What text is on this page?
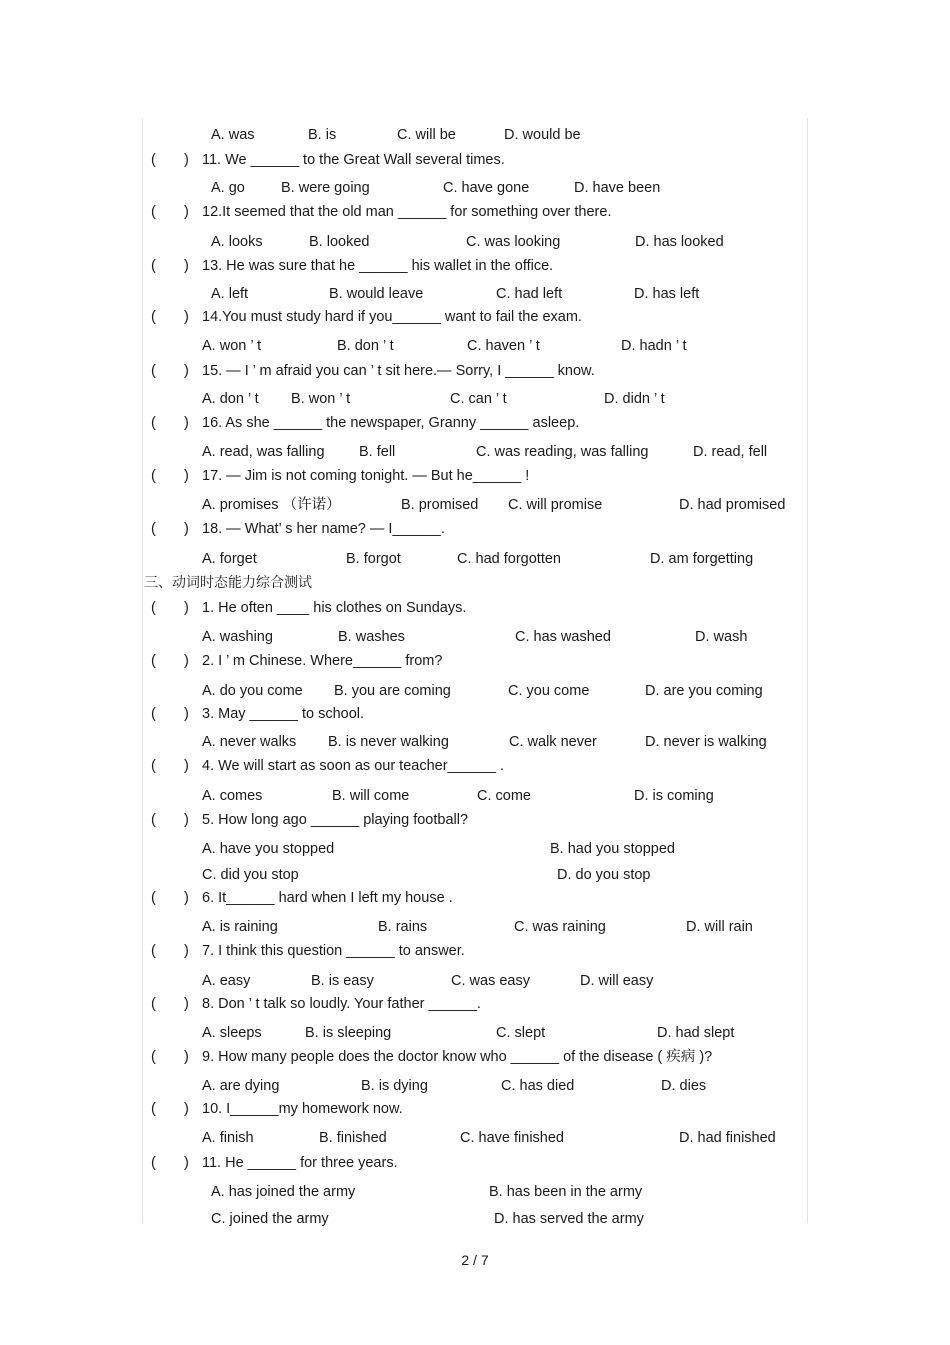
A. was	B. is	C. will be	D. would be
( ) 11. We ______ to the Great Wall several times.
A. go B. were going	C. have gone	D. have been
( ) 12.It seemed that the old man ______ for something over there.
A. looks	B. looked	C. was looking	D. has looked
( ) 13. He was sure that he ______ his wallet in the office.
A. left	B. would leave	C. had left	D. has left
( ) 14.You must study hard if you______ want to fail the exam.
A. won ’ t	B. don ’ t	C. haven ’ t	D. hadn ’ t
( ) 15. — I ’ m afraid you can ’ t sit here.— Sorry, I ______ know.
A. don ’ t B. won ’ t	C. can ’ t	D. didn ’ t
( ) 16. As she ______ the newspaper, Granny ______ asleep.
A. read, was falling B. fell	C. was reading, was falling	D. read, fell
( ) 17. — Jim is not coming tonight. — But he______ !
A. promises （许诺）	B. promised C. will promise	D. had promised
( ) 18. — What’ s her name? — I______.
A. forget	B. forgot	C. had forgotten	D. am forgetting
三、动词时态能力综合测试
( ) 1. He often ____ his clothes on Sundays.
A. washing	B. washes	C. has washed	D. wash
( ) 2. I ’ m Chinese. Where______ from?
A. do you come B. you are coming	C. you come	D. are you coming
( ) 3. May ______ to school.
A. never walks B. is never walking	C. walk never	D. never is walking
( ) 4. We will start as soon as our teacher______ .
A. comes	B. will come	C. come	D. is coming
( ) 5. How long ago ______ playing football?
A. have you stopped	B. had you stopped
C. did you stop	D. do you stop
( ) 6. It______ hard when I left my house .
A. is raining	B. rains	C. was raining	D. will rain
( ) 7. I think this question ______ to answer.
A. easy	B. is easy	C. was easy	D. will easy
( ) 8. Don ’ t talk so loudly. Your father ______.
A. sleeps	B. is sleeping	C. slept	D. had slept
( ) 9. How many people does the doctor know who ______ of the disease ( 疾病 )?
A. are dying	B. is dying	C. has died	D. dies
( ) 10. I______my homework now.
A. finish	B. finished	C. have finished	D. had finished
( ) 11. He ______ for three years.
A. has joined the army	B. has been in the army
C. joined the army	D. has served the army
2 / 7
